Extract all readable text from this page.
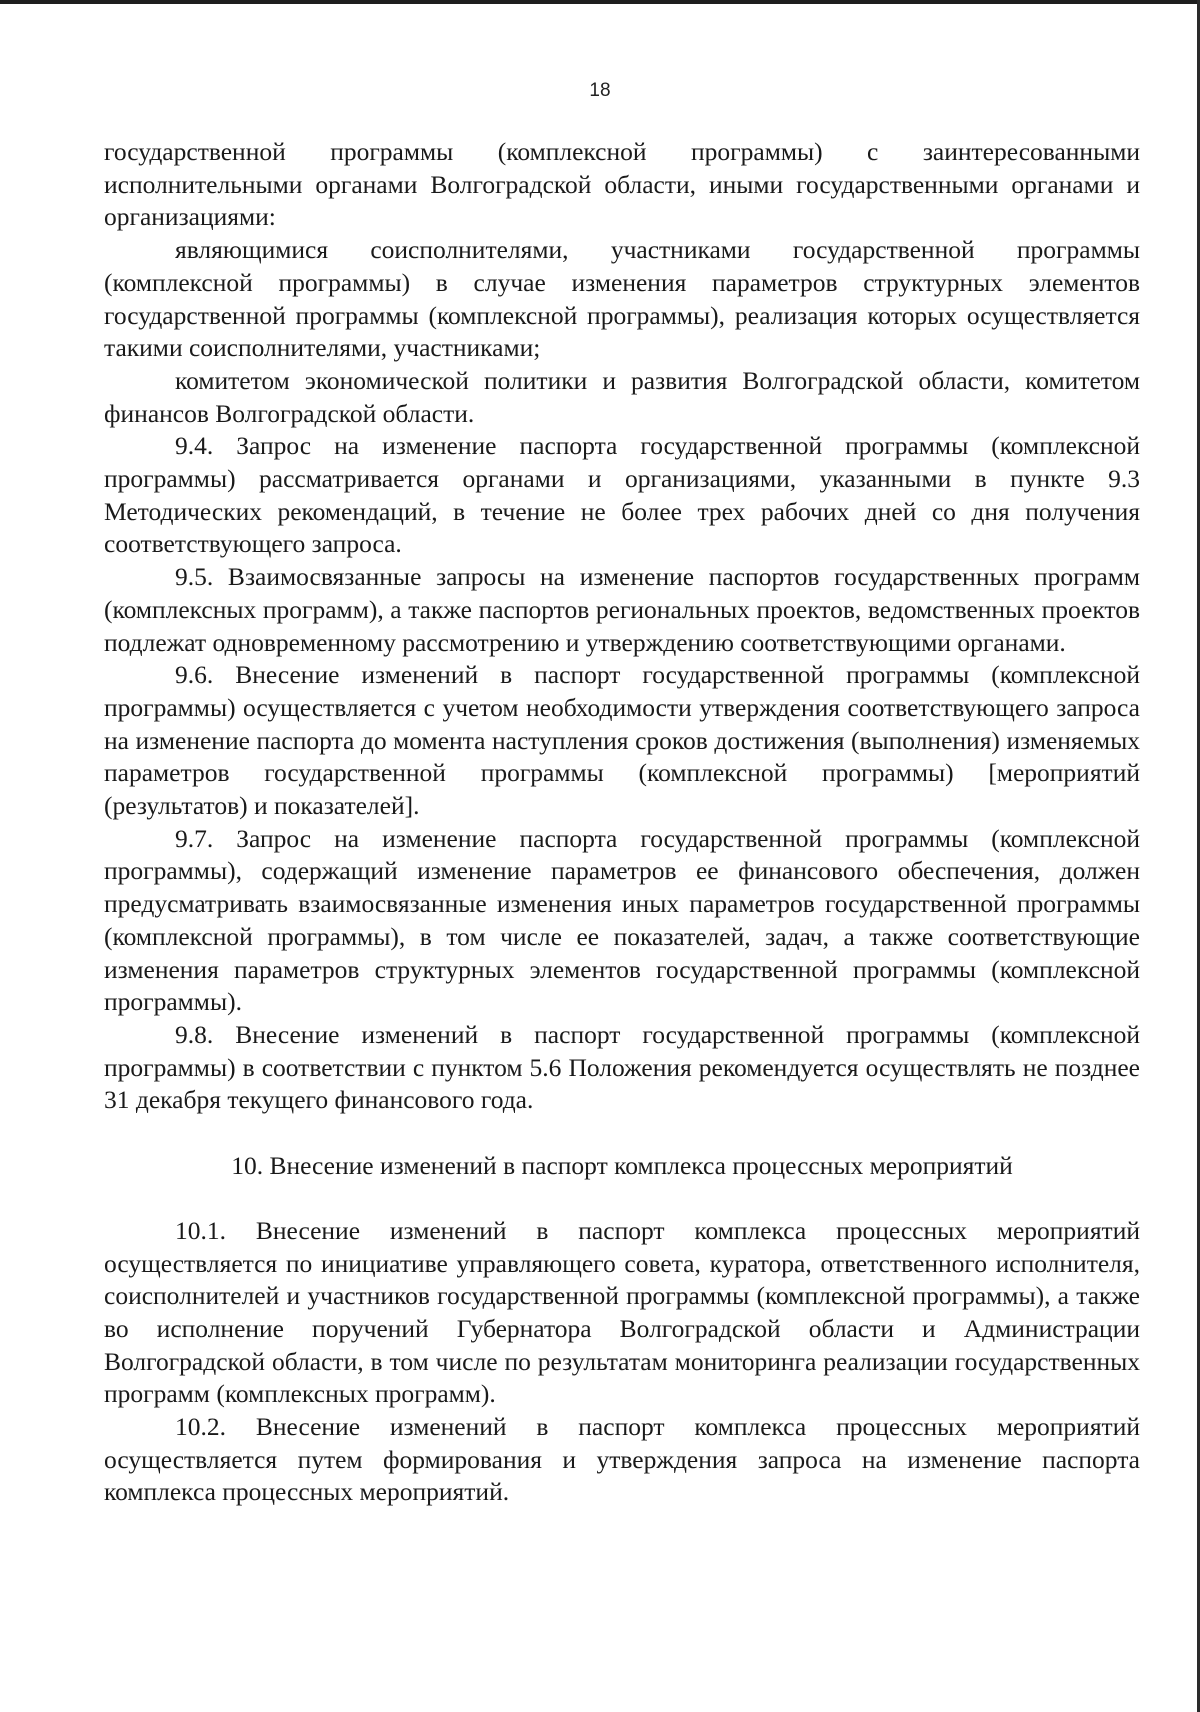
18

государственной программы (комплексной программы) с заинтересованными исполнительными органами Волгоградской области, иными государственными органами и организациями:

являющимися соисполнителями, участниками государственной программы (комплексной программы) в случае изменения параметров структурных элементов государственной программы (комплексной программы), реализация которых осуществляется такими соисполнителями, участниками;

комитетом экономической политики и развития Волгоградской области, комитетом финансов Волгоградской области.

9.4. Запрос на изменение паспорта государственной программы (комплексной программы) рассматривается органами и организациями, указанными в пункте 9.3 Методических рекомендаций, в течение не более трех рабочих дней со дня получения соответствующего запроса.

9.5. Взаимосвязанные запросы на изменение паспортов государственных программ (комплексных программ), а также паспортов региональных проектов, ведомственных проектов подлежат одновременному рассмотрению и утверждению соответствующими органами.

9.6. Внесение изменений в паспорт государственной программы (комплексной программы) осуществляется с учетом необходимости утверждения соответствующего запроса на изменение паспорта до момента наступления сроков достижения (выполнения) изменяемых параметров государственной программы (комплексной программы) [мероприятий (результатов) и показателей].

9.7. Запрос на изменение паспорта государственной программы (комплексной программы), содержащий изменение параметров ее финансового обеспечения, должен предусматривать взаимосвязанные изменения иных параметров государственной программы (комплексной программы), в том числе ее показателей, задач, а также соответствующие изменения параметров структурных элементов государственной программы (комплексной программы).

9.8. Внесение изменений в паспорт государственной программы (комплексной программы) в соответствии с пунктом 5.6 Положения рекомендуется осуществлять не позднее 31 декабря текущего финансового года.

10. Внесение изменений в паспорт комплекса процессных мероприятий

10.1. Внесение изменений в паспорт комплекса процессных мероприятий осуществляется по инициативе управляющего совета, куратора, ответственного исполнителя, соисполнителей и участников государственной программы (комплексной программы), а также во исполнение поручений Губернатора Волгоградской области и Администрации Волгоградской области, в том числе по результатам мониторинга реализации государственных программ (комплексных программ).

10.2. Внесение изменений в паспорт комплекса процессных мероприятий осуществляется путем формирования и утверждения запроса на изменение паспорта комплекса процессных мероприятий.
